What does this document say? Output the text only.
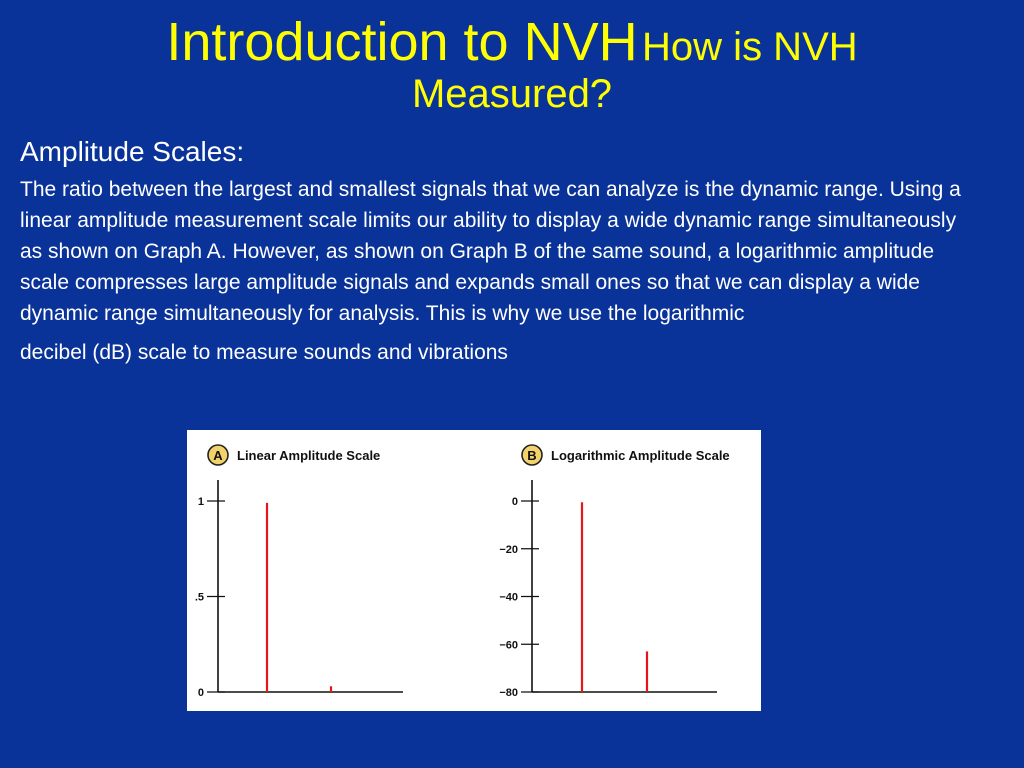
Introduction to NVH How is NVH
Measured?
Amplitude Scales:
The ratio between the largest and smallest signals that we can analyze is the dynamic range. Using a linear amplitude measurement scale limits our ability to display a wide dynamic range simultaneously as shown on Graph A. However, as shown on Graph B of the same sound, a logarithmic amplitude scale compresses large amplitude signals and expands small ones so that we can display a wide dynamic range simultaneously for analysis. This is why we use the logarithmic
decibel (dB) scale to measure sounds and vibrations
A Linear Amplitude Scale
0
.5
1
B Logarithmic Amplitude Scale
0
−20
−40
−60
−80
